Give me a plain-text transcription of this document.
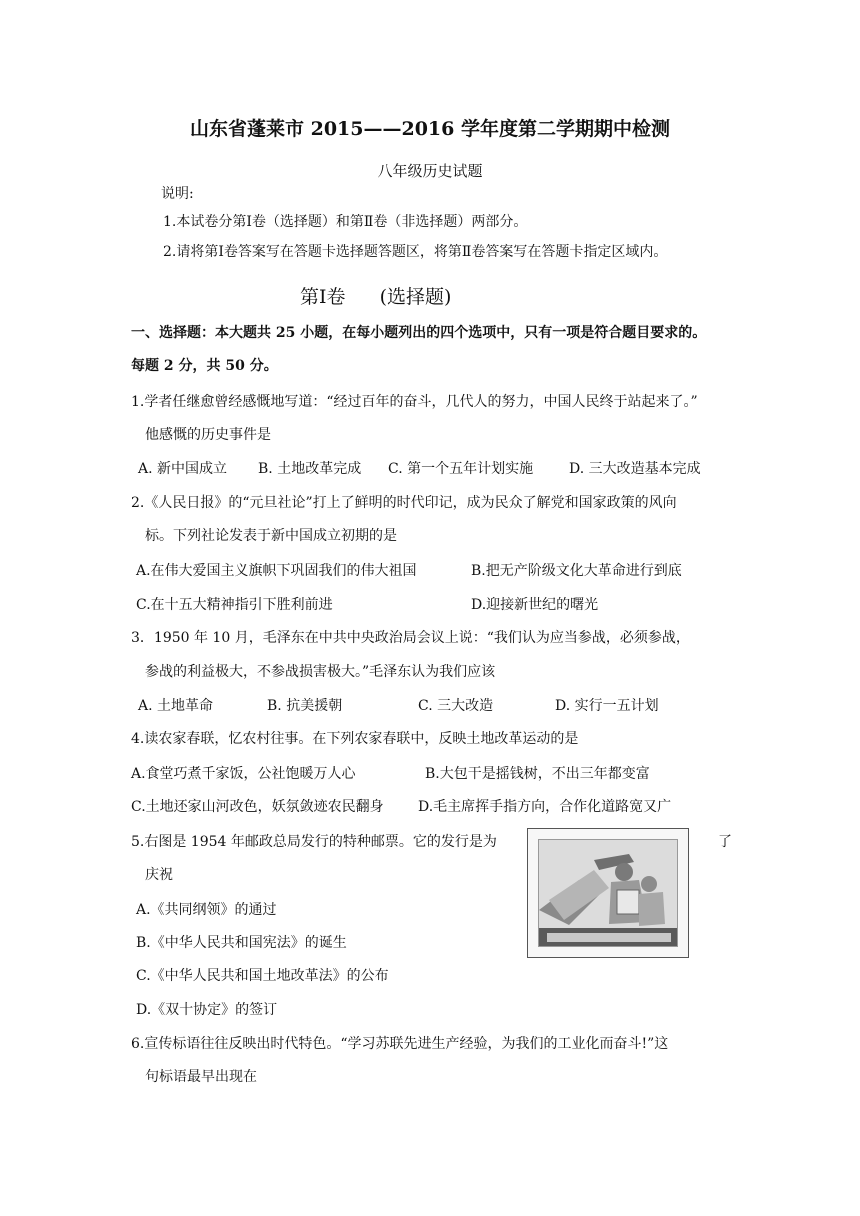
山东省蓬莱市 2015——2016 学年度第二学期期中检测
八年级历史试题
说明:
1.本试卷分第Ⅰ卷（选择题）和第Ⅱ卷（非选择题）两部分。
2.请将第Ⅰ卷答案写在答题卡选择题答题区，将第Ⅱ卷答案写在答题卡指定区域内。
第Ⅰ卷 (选择题)
一、选择题：本大题共 25 小题，在每小题列出的四个选项中，只有一项是符合题目要求的。
每题 2 分，共 50 分。
1.学者任继愈曾经感慨地写道：“经过百年的奋斗，几代人的努力，中国人民终于站起来了。”
他感慨的历史事件是
A. 新中国成立 B. 土地改革完成 C. 第一个五年计划实施	D. 三大改造基本完成
2.《人民日报》的“元旦社论”打上了鲜明的时代印记，成为民众了解党和国家政策的风向
标。下列社论发表于新中国成立初期的是
A.在伟大爱国主义旗帜下巩固我们的伟大祖国	B.把无产阶级文化大革命进行到底
C.在十五大精神指引下胜利前进	D.迎接新世纪的曙光
3．1950 年 10 月，毛泽东在中共中央政治局会议上说：“我们认为应当参战，必须参战，
参战的利益极大，不参战损害极大。”毛泽东认为我们应该
A. 土地革命	B. 抗美援朝	C. 三大改造	D. 实行一五计划
4.读农家春联，忆农村往事。在下列农家春联中，反映土地改革运动的是
A.食堂巧煮千家饭，公社饱暖万人心	B.大包干是摇钱树，不出三年都变富
C.土地还家山河改色，妖氛敛迹农民翻身 D.毛主席挥手指方向，合作化道路宽又广
5.右图是 1954 年邮政总局发行的特种邮票。它的发行是为	了
庆祝
A.《共同纲领》的通过
B.《中华人民共和国宪法》的诞生
C.《中华人民共和国土地改革法》的公布
D.《双十协定》的签订
6.宣传标语往往反映出时代特色。“学习苏联先进生产经验，为我们的工业化而奋斗!”这
句标语最早出现在
